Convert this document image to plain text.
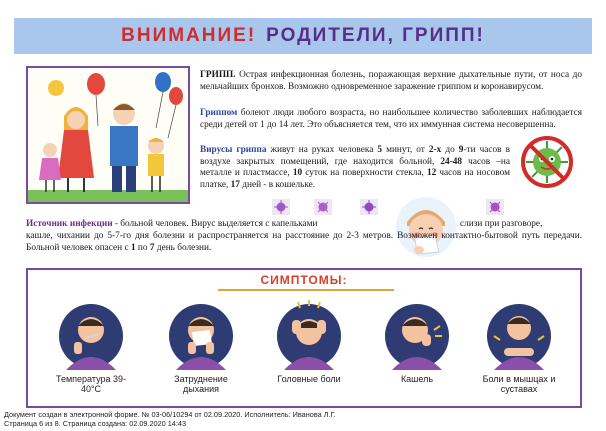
ВНИМАНИЕ! РОДИТЕЛИ, ГРИПП!
ГРИПП. Острая инфекционная болезнь, поражающая верхние дыхательные пути, от носа до мельчайших бронхов. Возможно одновременное заражение гриппом и коронавирусом.
Гриппом болеют люди любого возраста, но наибольшее количество заболевших наблюдается среди детей от 1 до 14 лет. Это объясняется тем, что их иммунная система несовершенна.
Вирусы гриппа живут на руках человека 5 минут, от 2-х до 9-ти часов в воздухе закрытых помещений, где находится больной, 24-48 часов –на металле и пластмассе, 10 суток на поверхности стекла, 12 часов на носовом платке, 17 дней - в кошельке.
Источник инфекции - больной человек. Вирус выделяется с капельками	слизи при разговоре,
кашле, чихании до 5-7-го дня болезни и распространяется на расстояние до 2-3 метров. Возможен контактно-бытовой путь передачи. Больной человек опасен с 1 по 7 день болезни.
СИМПТОМЫ:
Температура 39-40°C
Затруднение дыхания
Головные боли	Кашель	Боли в мышцах и суставах
Документ создан в электронной форме. № 03-06/10294 от 02.09.2020. Исполнитель: Иванова Л.Г.
Страница 6 из 8. Страница создана: 02.09.2020 14:43
